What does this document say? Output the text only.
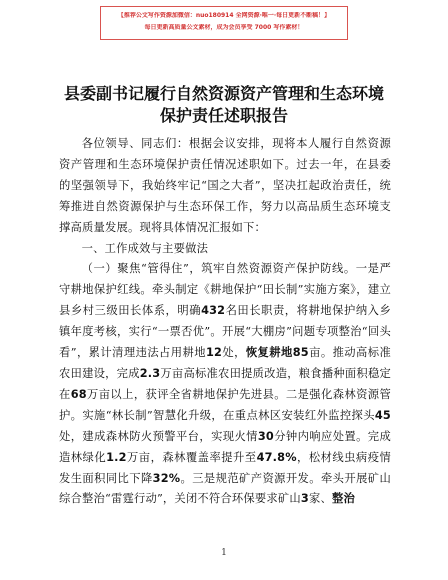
【推荐公文写作资源加微信：nuo180914 全网资源·唯一·每日更新不断稿！】
每日更新高质量公文素材，成为会员享受 7000 写作素材！
县委副书记履行自然资源资产管理和生态环境
保护责任述职报告

各位领导、同志们：根据会议安排，现将本人履行自然资源资产管理和生态环境保护责任情况述职如下。过去一年，在县委的坚强领导下，我始终牢记“国之大者”，坚决扛起政治责任，统筹推进自然资源保护与生态环保工作，努力以高品质生态环境支撑高质量发展。现将具体情况汇报如下：

一、工作成效与主要做法

（一）聚焦“管得住”，筑牢自然资源资产保护防线。一是严守耕地保护红线。牵头制定《耕地保护“田长制”实施方案》，建立县乡村三级田长体系，明确432名田长职责，将耕地保护纳入乡镇年度考核，实行“一票否优”。开展“大棚房”问题专项整治“回头看”，累计清理违法占用耕地12处，恢复耕地85亩。推动高标准农田建设，完成2.3万亩高标准农田提质改造，粮食播种面积稳定在68万亩以上，获评全省耕地保护先进县。二是强化森林资源管护。实施“林长制”智慧化升级，在重点林区安装红外监控探头45处，建成森林防火预警平台，实现火情30分钟内响应处置。完成造林绿化1.2万亩，森林覆盖率提升至47.8%，松材线虫病疫情发生面积同比下降32%。三是规范矿产资源开发。牵头开展矿山综合整治“雷霆行动”，关闭不符合环保要求矿山3家、整治

1
